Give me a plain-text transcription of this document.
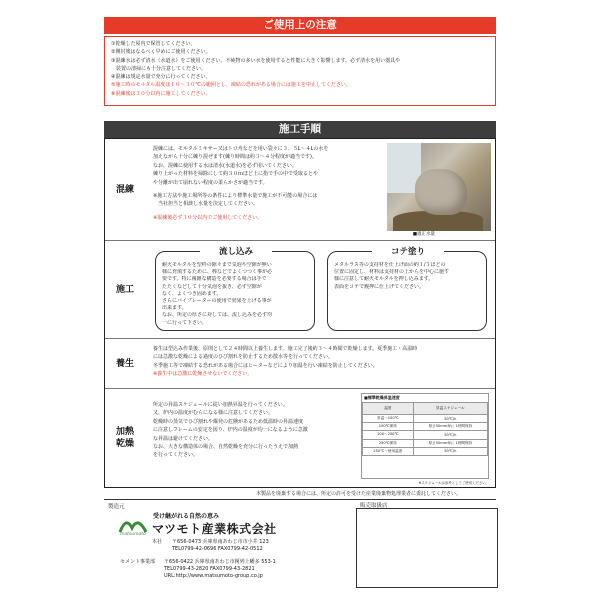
ご使用上の注意
①乾燥した屋内で保管してください。
②開封後はなるべく早めにご使用ください。
③混練水は必ず清水（水道水）をご使用ください。不純物の多い水を使用すると性能に大きく影響します。必ず清水を用い器具や
　装置の清掃にも十分注意してください。
④混練は規定水量で充分に行ってください。
⑤施工時のモルタル温度は１０～３０℃の範囲とし、凍結の恐れがある場合には施工を中止してください。
⑥混練後は３０分以内に施工してください。
施工手順
混練
混練には、モルタルミキサー又はトロ舟などを用い袋々に３．５L～４Lの水を
加えながら十分に練り混ぜます(練り時間は約３～４分程度が適当です)。
なお、混練に使用する水は清水(水道水)を必ず用いてください。
練り上がった材料を掃除にして約３０ｍほど上に指で手の中で受取るとや
や分離が出て崩れない程度の柔らかさが適当です。
※施工方法や施工場所等の条件により標準水量で施工が不可能の場合には
　当社担当と相談し水量を決定してください。
※混練後必ず３０分以内でご使用してください。
■適正水量
施工
流し込み
耐火モルタルを型枠の隙々まで気泡や空隙が無い
様に充填するために、棒などでよくつつく事が必
要です。特に複雑な構造を必要する場合は手で
たたくなどして十分気泡を抜き、必ず空隙が
なく、よくつき固めます。
さらにバイブレーターの使用で効果を上げる事が
出来ます。
なお、所定の厚さに対しては、流し込みを必ず均
一に行って下さい。
コテ塗り
メタルラス等の支持材を仕上げ面の約１/３ほどの
位置に固定し、材料は支持材の上からを中心に施す
様に注意して耐火モルタルを押し込みます。
表面をコテで鏝押に仕上げてください。
養生
養生は型込み作業後、原則として２４時間以上養生します。施工完了後約３～４時間で乾燥します。夏季施工・高温時
には急激な乾燥による過度のひび割れを防止するため散水等を行ってください。
冬季施工等で凍結する恐れがある場合にはヒーターなどにより加温を行い凍結を防止してください。
※養生中は急激に乾燥させないでください。
加熱
乾燥
所定の昇温スケジュールに従い加熱昇温を行ってください。
又、炉内の温度がむらになる様に注意してください。
乾燥時の蒸気でひび割れや爆発の危険があるため低温時の昇温速度
に注意しフレームの安定を図り、炉内の温度が均一になるように急激
な昇温は避けてください。
なお、大きな構造体の場合、自然乾燥を充分に行ったうえで加熱
を行ってください。
■標準乾燥昇温速度
温度	昇温スケジュール
常温～100℃	50℃/h
100℃保持	厚さ50mm毎に 1時間保持
100～250℃	50℃/h
250℃保持	厚さ50mm毎に 1時間保持
250℃～使用温度	50℃/h
※スケジュールは参考としてご使用ください。
本製品を廃棄する場合には、所定の許可を受けた産業廃棄物処理業者に委託してください。
製造元	販売取扱店
matsumoto
受け継がれる自然の恵み
マツモト産業株式会社
本社 〒656-0473 兵庫県南あわじ市市小井 123
TEL0799-42-0696 FAX0799-42-0512
セメント事業部 〒656-0422 兵庫県南あわじ市榎列上幡多 553-1
TEL0799-43-2820 FAX0799-43-2821
URL:http://www.matsumoto-group.co.jp
